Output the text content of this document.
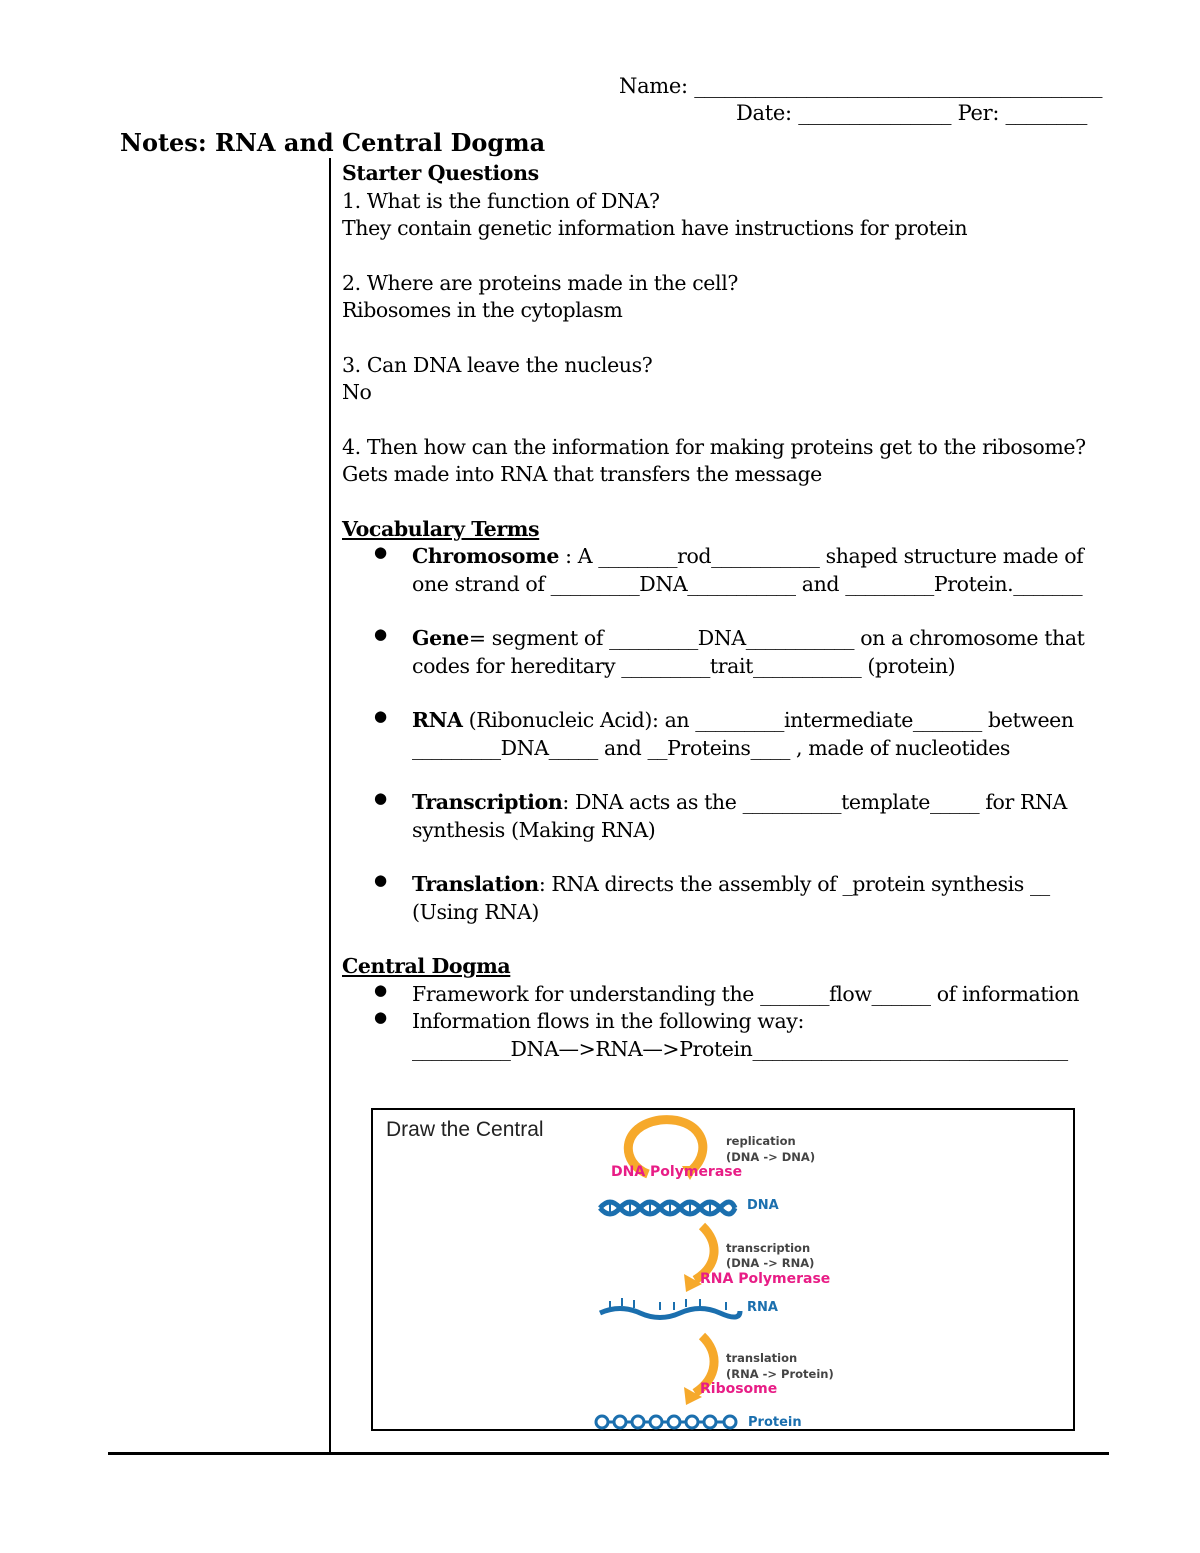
Name: ________________________________________
Date: _______________ Per: ________
Notes: RNA and Central Dogma
Starter Questions
1. What is the function of DNA?
They contain genetic information have instructions for protein
2. Where are proteins made in the cell?
Ribosomes in the cytoplasm
3. Can DNA leave the nucleus?
No
4. Then how can the information for making proteins get to the ribosome?
Gets made into RNA that transfers the message
Vocabulary Terms
● Chromosome : A ________rod___________ shaped structure made of
one strand of _________DNA___________ and _________Protein._______
● Gene= segment of _________DNA___________ on a chromosome that
codes for hereditary _________trait___________ (protein)
● RNA (Ribonucleic Acid): an _________intermediate_______ between
_________DNA_____ and __Proteins____ , made of nucleotides
● Transcription: DNA acts as the __________template_____ for RNA
synthesis (Making RNA)
● Translation: RNA directs the assembly of _protein synthesis __
(Using RNA)
Central Dogma
● Framework for understanding the _______flow______ of information
● Information flows in the following way:
__________DNA—>RNA—>Protein________________________________
Draw the Central	replication
(DNA -> DNA)
DNA Polymerase
DNA
transcription
(DNA -> RNA)
RNA Polymerase
RNA
translation
(RNA -> Protein)
Ribosome
Protein
